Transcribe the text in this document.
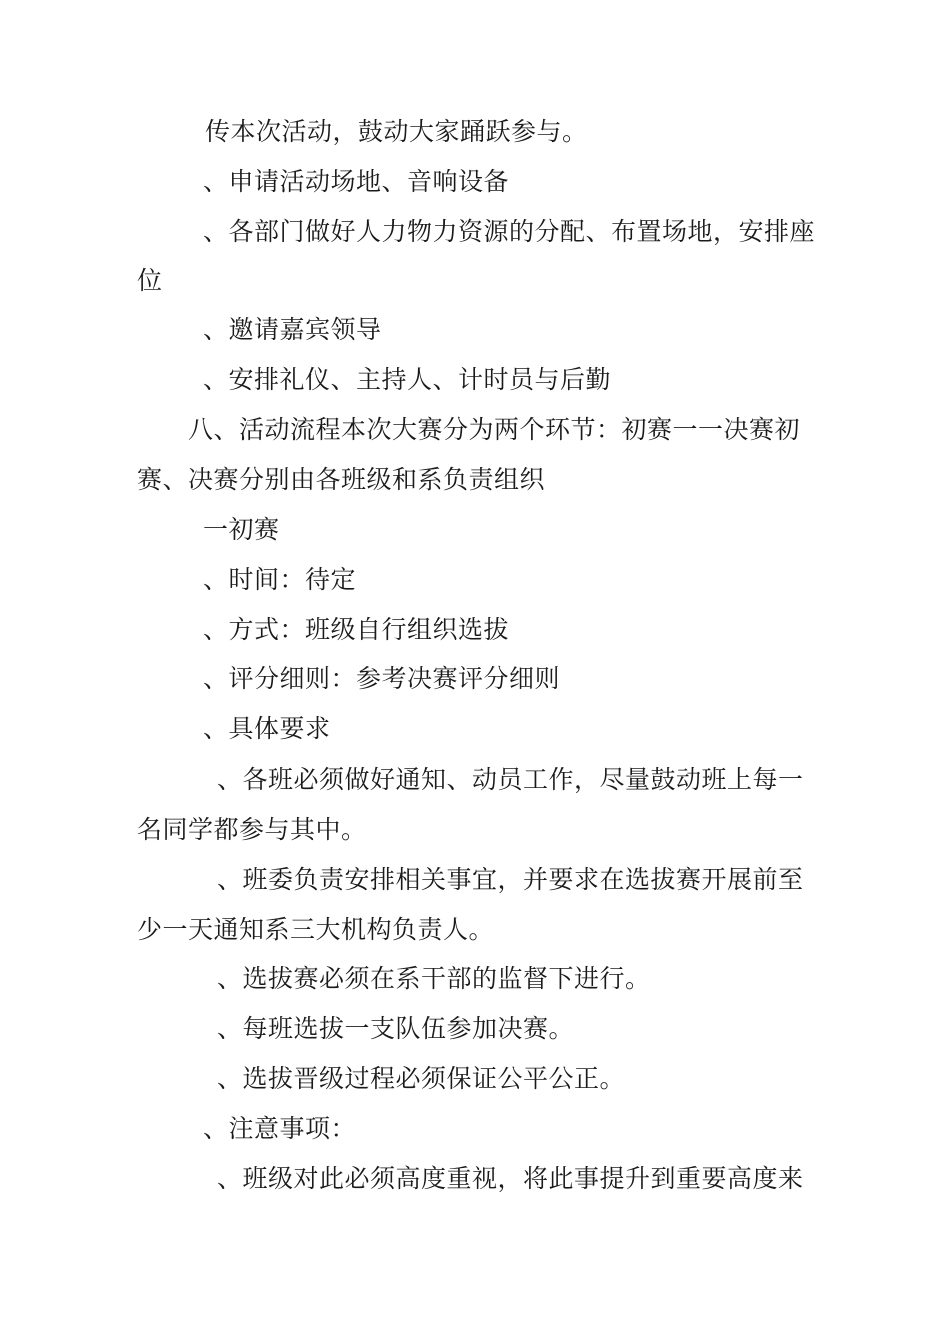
传本次活动，鼓动大家踊跃参与。
、申请活动场地、音响设备
、各部门做好人力物力资源的分配、布置场地，安排座
位
、邀请嘉宾领导
、安排礼仪、主持人、计时员与后勤
八、活动流程本次大赛分为两个环节：初赛一一决赛初
赛、决赛分别由各班级和系负责组织
一初赛
、时间：待定
、方式：班级自行组织选拔
、评分细则：参考决赛评分细则
、具体要求
、各班必须做好通知、动员工作，尽量鼓动班上每一
名同学都参与其中。
、班委负责安排相关事宜，并要求在选拔赛开展前至
少一天通知系三大机构负责人。
、选拔赛必须在系干部的监督下进行。
、每班选拔一支队伍参加决赛。
、选拔晋级过程必须保证公平公正。
、注意事项：
、班级对此必须高度重视，将此事提升到重要高度来
